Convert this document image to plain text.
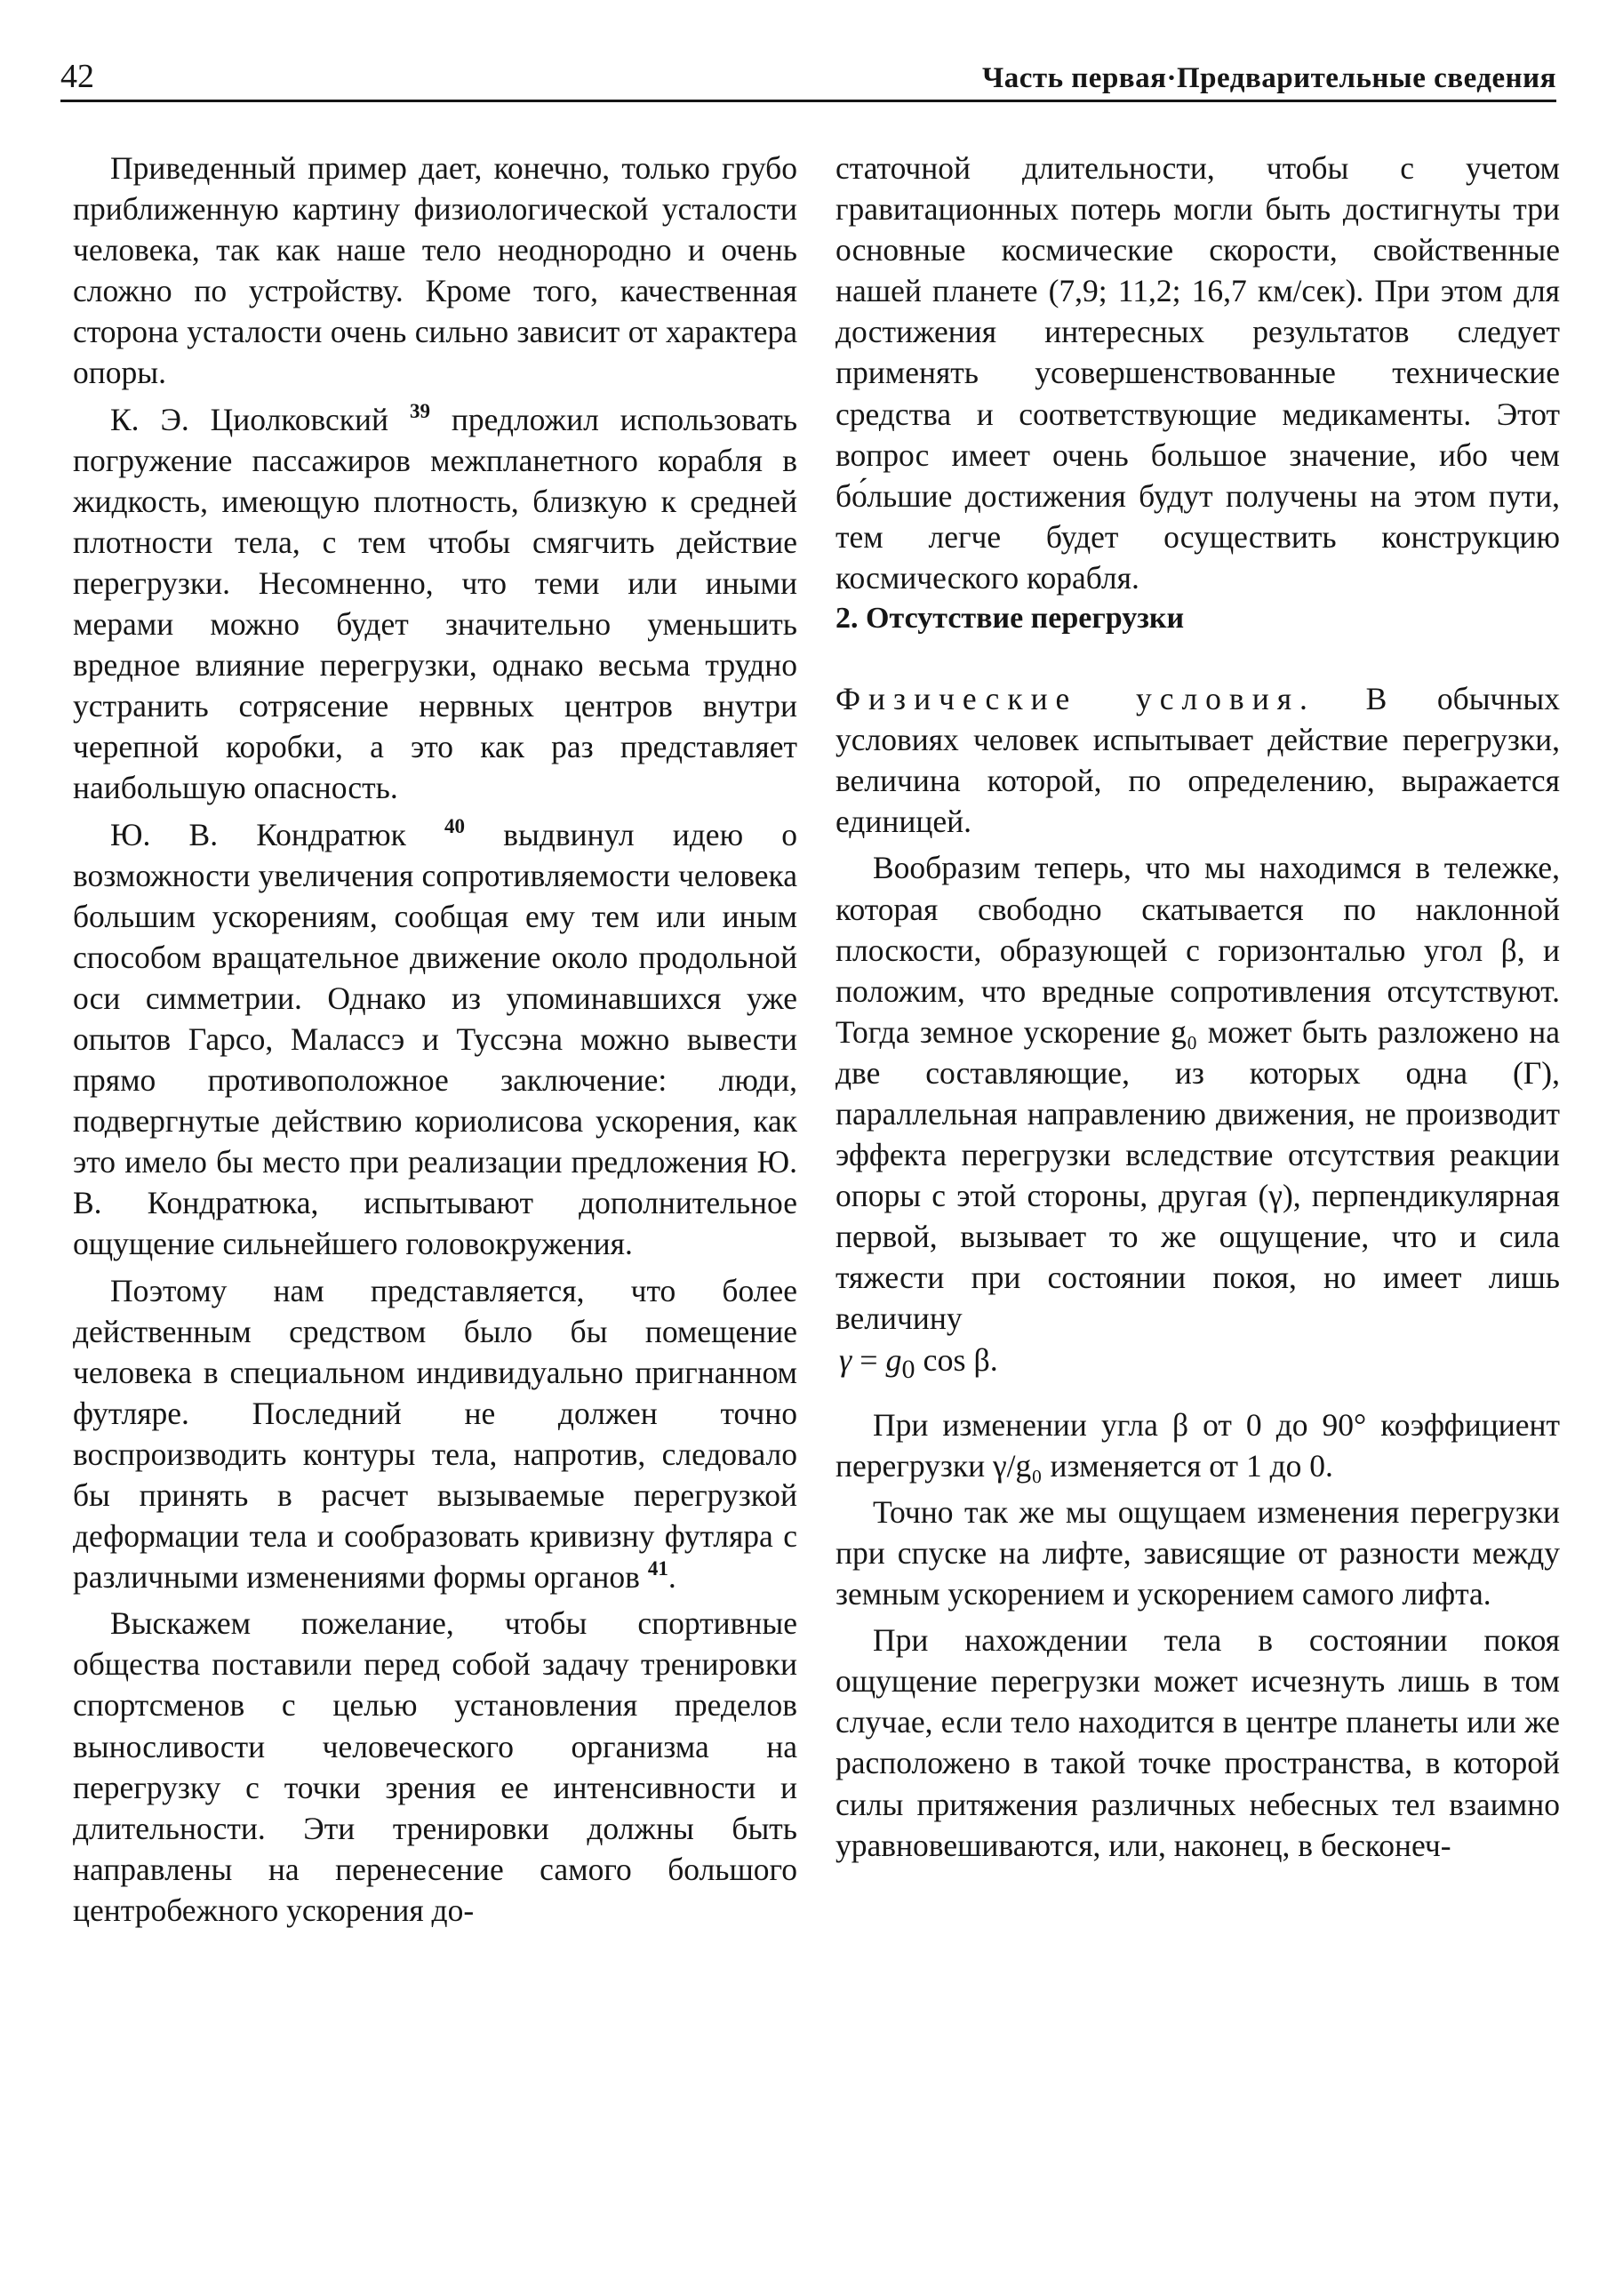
42	Часть первая·Предварительные сведения

Приведенный пример дает, конечно, только грубо приближенную картину физиологической усталости человека, так как наше тело неоднородно и очень сложно по устройству. Кроме того, качественная сторона усталости очень сильно зависит от характера опоры.

К. Э. Циолковский $^{39}$ предложил использовать погружение пассажиров межпланетного корабля в жидкость, имеющую плотность, близкую к средней плотности тела, с тем чтобы смягчить действие перегрузки. Несомненно, что теми или иными мерами можно будет значительно уменьшить вредное влияние перегрузки, однако весьма трудно устранить сотрясение нервных центров внутри черепной коробки, а это как раз представляет наибольшую опасность.

Ю. В. Кондратюк $^{40}$ выдвинул идею о возможности увеличения сопротивляемости человека большим ускорениям, сообщая ему тем или иным способом вращательное движение около продольной оси симметрии. Однако из упоминавшихся уже опытов Гарсо, Малассэ и Туссэна можно вывести прямо противоположное заключение: люди, подвергнутые действию кориолисова ускорения, как это имело бы место при реализации предложения Ю. В. Кондратюка, испытывают дополнительное ощущение сильнейшего головокружения.

Поэтому нам представляется, что более действенным средством было бы помещение человека в специальном индивидуально пригнанном футляре. Последний не должен точно воспроизводить контуры тела, напротив, следовало бы принять в расчет вызываемые перегрузкой деформации тела и сообразовать кривизну футляра с различными изменениями формы органов $^{41}$.

Выскажем пожелание, чтобы спортивные общества поставили перед собой задачу тренировки спортсменов с целью установления пределов выносливости человеческого организма на перегрузку с точки зрения ее интенсивности и длительности. Эти тренировки должны быть направлены на перенесение самого большого центробежного ускорения до-

статочной длительности, чтобы с учетом гравитационных потерь могли быть достигнуты три основные космические скорости, свойственные нашей планете (7,9; 11,2; 16,7 км/сек). При этом для достижения интересных результатов следует применять усовершенствованные технические средства и соответствующие медикаменты. Этот вопрос имеет очень большое значение, ибо чем бо́льшие достижения будут получены на этом пути, тем легче будет осуществить конструкцию космического корабля.

2. Отсутствие перегрузки

Физические условия. В обычных условиях человек испытывает действие перегрузки, величина которой, по определению, выражается единицей.

Вообразим теперь, что мы находимся в тележке, которая свободно скатывается по наклонной плоскости, образующей с горизонталью угол β, и положим, что вредные сопротивления отсутствуют. Тогда земное ускорение g₀ может быть разложено на две составляющие, из которых одна (Г), параллельная направлению движения, не производит эффекта перегрузки вследствие отсутствия реакции опоры с этой стороны, другая (γ), перпендикулярная первой, вызывает то же ощущение, что и сила тяжести при состоянии покоя, но имеет лишь величину

$\gamma = g_0$ cos β.

При изменении угла β от 0 до 90° коэффициент перегрузки γ/g₀ изменяется от 1 до 0.

Точно так же мы ощущаем изменения перегрузки при спуске на лифте, зависящие от разности между земным ускорением и ускорением самого лифта.

При нахождении тела в состоянии покоя ощущение перегрузки может исчезнуть лишь в том случае, если тело находится в центре планеты или же расположено в такой точке пространства, в которой силы притяжения различных небесных тел взаимно уравновешиваются, или, наконец, в бесконеч-
